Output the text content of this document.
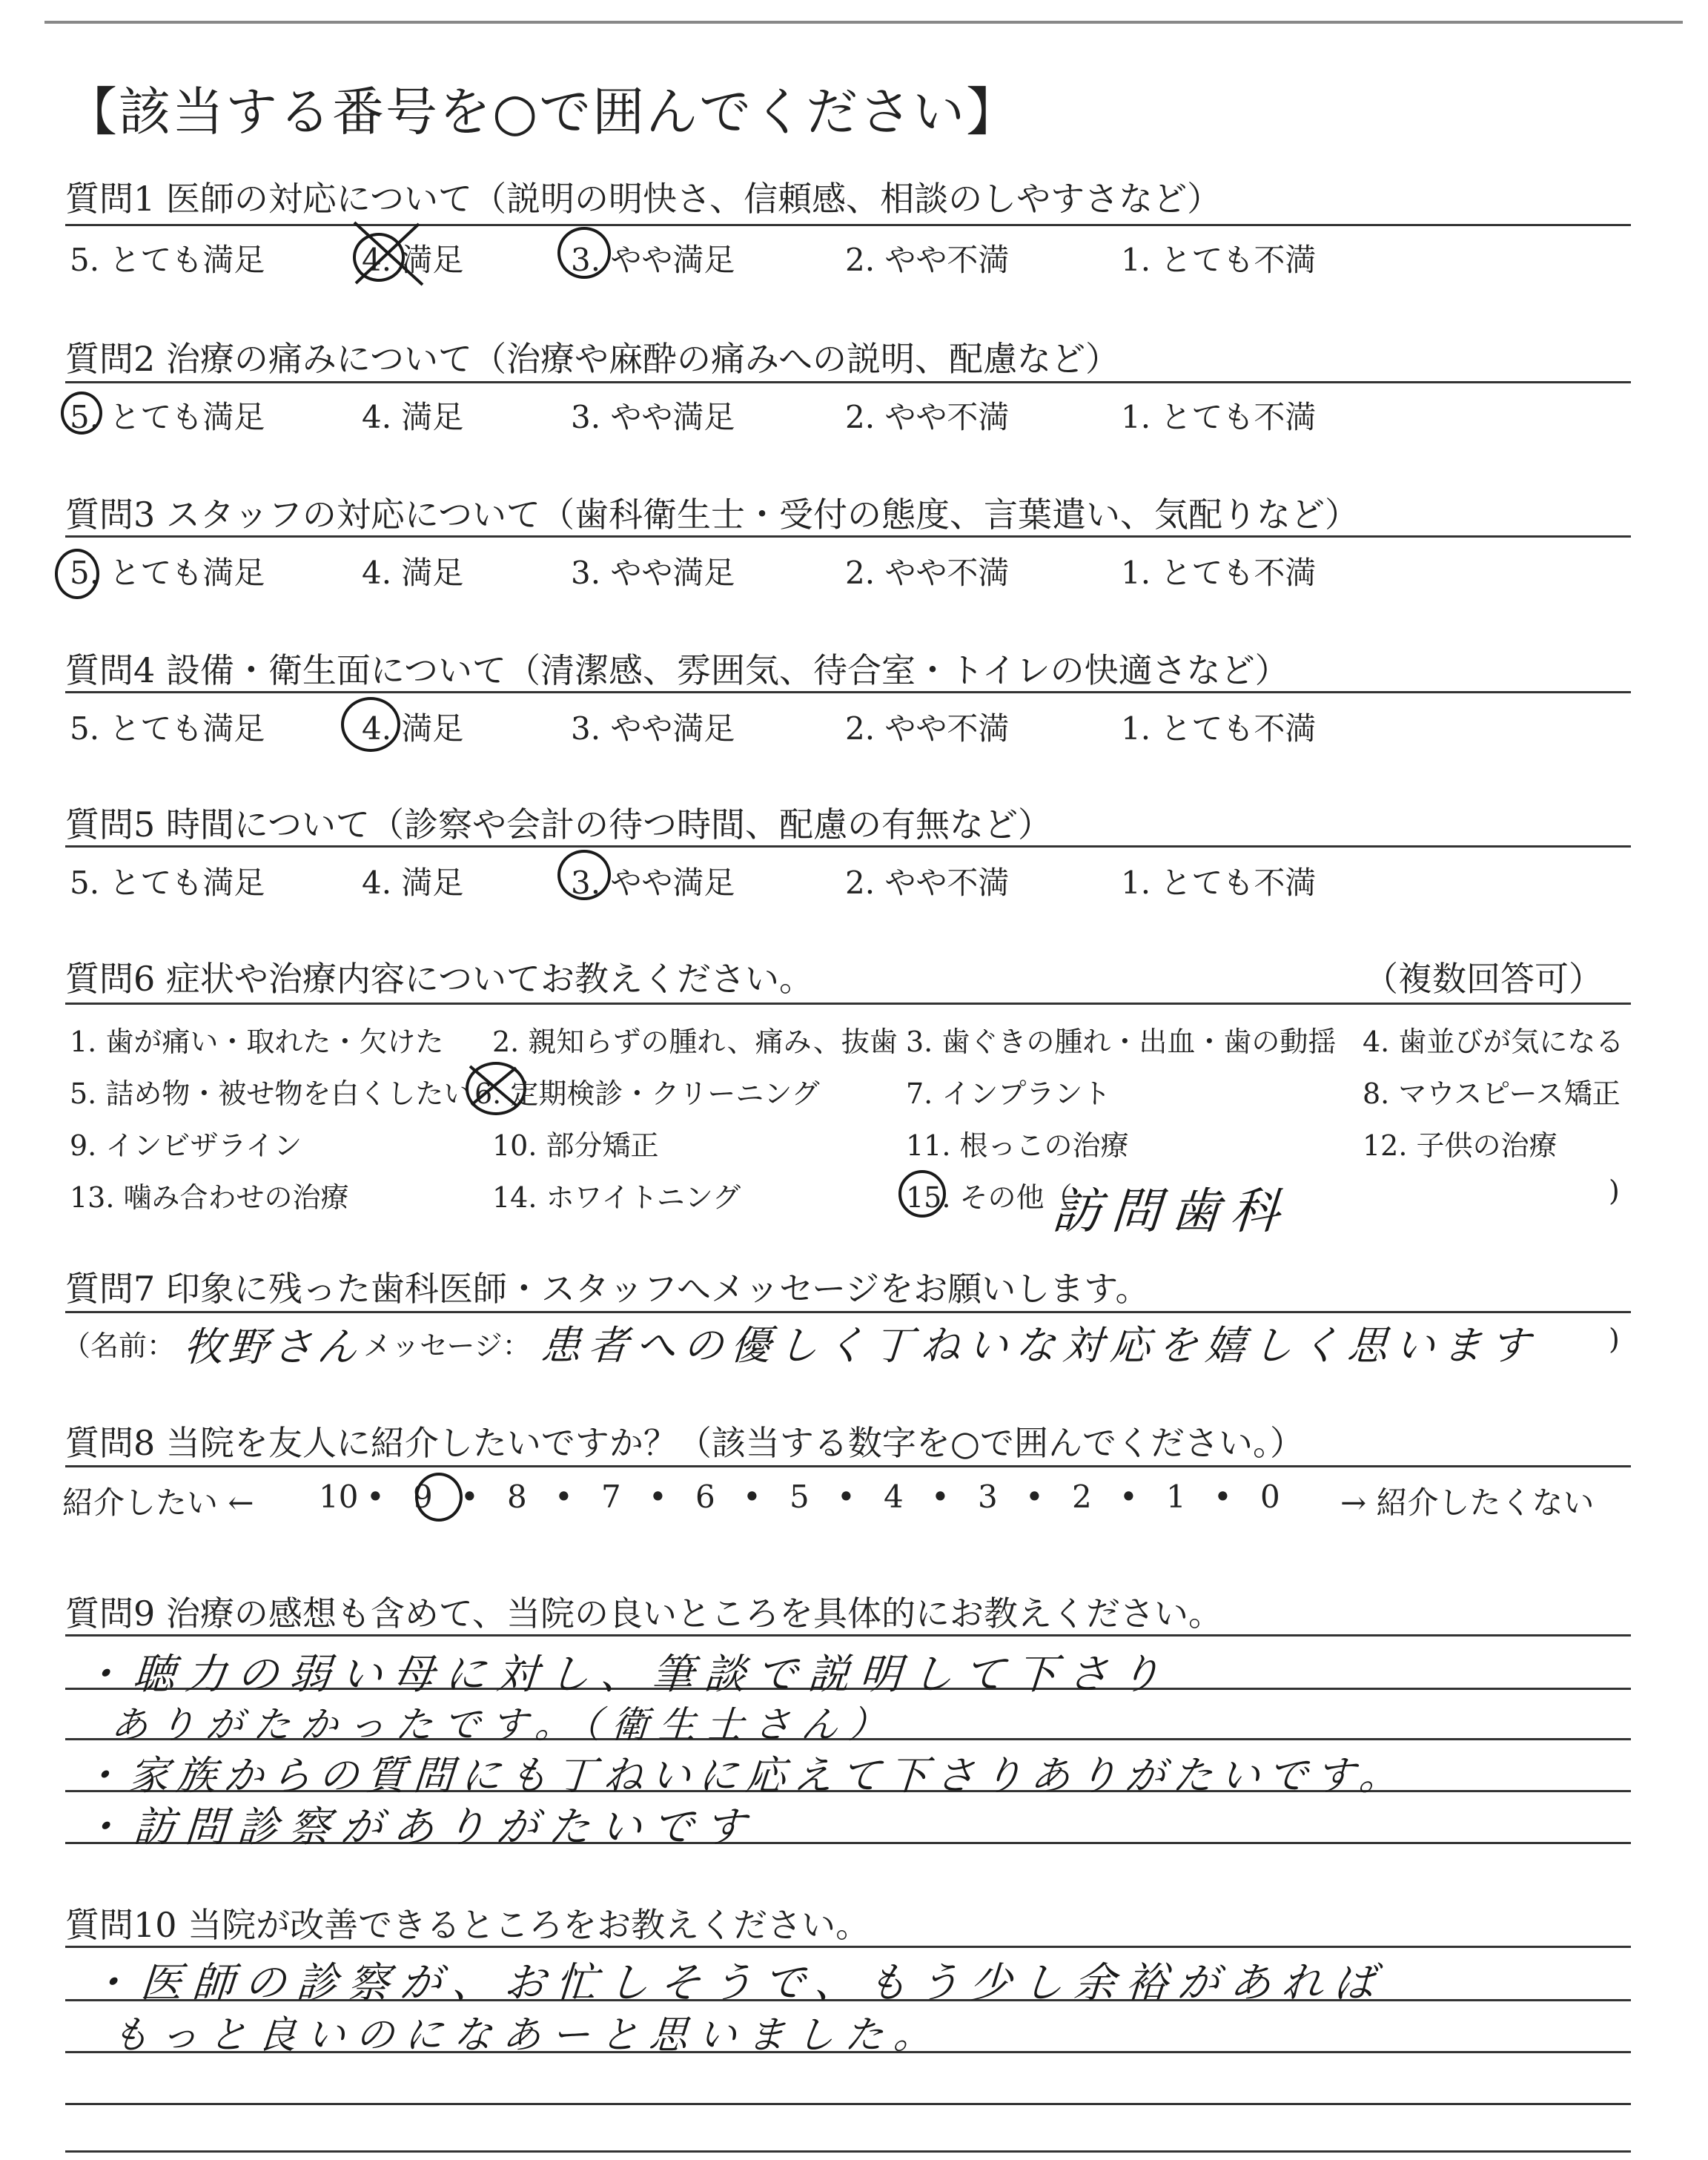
【該当する番号を○で囲んでください】
質問1 医師の対応について（説明の明快さ、信頼感、相談のしやすさなど）
5. とても満足	4. 満足	3. やや満足	2. やや不満	1. とても不満
質問2 治療の痛みについて（治療や麻酔の痛みへの説明、配慮など）
5. とても満足	4. 満足	3. やや満足	2. やや不満	1. とても不満
質問3 スタッフの対応について（歯科衛生士・受付の態度、言葉遣い、気配りなど）
5. とても満足	4. 満足	3. やや満足	2. やや不満	1. とても不満
質問4 設備・衛生面について（清潔感、雰囲気、待合室・トイレの快適さなど）
5. とても満足	4. 満足	3. やや満足	2. やや不満	1. とても不満
質問5 時間について（診察や会計の待つ時間、配慮の有無など）
5. とても満足	4. 満足	3. やや満足	2. やや不満	1. とても不満
質問6 症状や治療内容についてお教えください。	（複数回答可）
1. 歯が痛い・取れた・欠けた 2. 親知らずの腫れ、痛み、抜歯 3. 歯ぐきの腫れ・出血・歯の動揺 4. 歯並びが気になる
5. 詰め物・被せ物を白くしたい 6. 定期検診・クリーニング	7. インプラント	8. マウスピース矯正
9. インビザライン	10. 部分矯正	11. 根っこの治療	12. 子供の治療
13. 噛み合わせの治療	14. ホワイトニング	15. その他（
訪問歯科	)
質問7 印象に残った歯科医師・スタッフへメッセージをお願いします。
（名前： 牧野さん メッセージ： 患者への優しく丁ねいな対応を嬉しく思います )
質問8 当院を友人に紹介したいですか？（該当する数字を○で囲んでください。）
紹介したい ← 10 • 9 • 8 • 7 • 6 • 5 • 4 • 3 • 2 • 1 • 0 → 紹介したくない
質問9 治療の感想も含めて、当院の良いところを具体的にお教えください。
・聴力の弱い母に対し、筆談で説明して下さり
ありがたかったです。（衛生士さん）
・家族からの質問にも丁ねいに応えて下さりありがたいです。
・訪問診察がありがたいです
質問10 当院が改善できるところをお教えください。
・医師の診察が、お忙しそうで、もう少し余裕があれば
もっと良いのになあーと思いました。
